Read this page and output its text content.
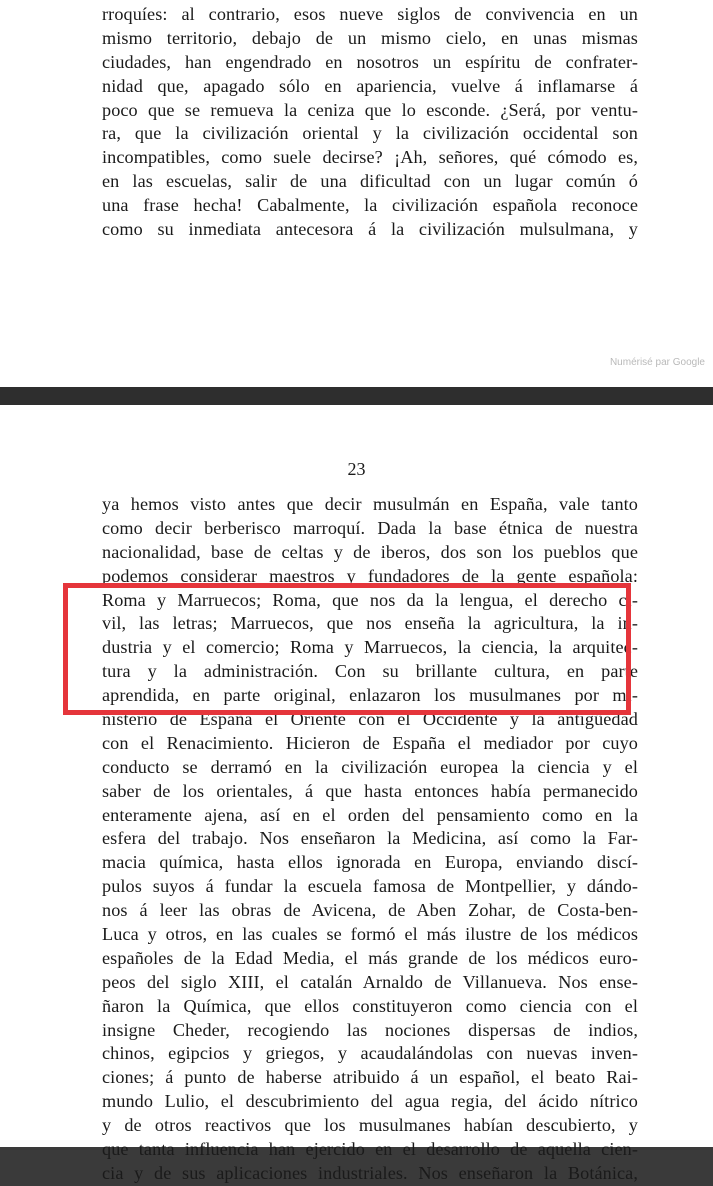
rroquíes: al contrario, esos nueve siglos de convivencia en un
mismo territorio, debajo de un mismo cielo, en unas mismas
ciudades, han engendrado en nosotros un espíritu de confrater-
nidad que, apagado sólo en apariencia, vuelve á inflamarse á
poco que se remueva la ceniza que lo esconde. ¿Será, por ventu-
ra, que la civilización oriental y la civilización occidental son
incompatibles, como suele decirse? ¡Ah, señores, qué cómodo es,
en las escuelas, salir de una dificultad con un lugar común ó
una frase hecha! Cabalmente, la civilización española reconoce
como su inmediata antecesora á la civilización mulsulmana, y
Numérisé par Google
23
ya hemos visto antes que decir musulmán en España, vale tanto
como decir berberisco marroquí. Dada la base étnica de nuestra
nacionalidad, base de celtas y de iberos, dos son los pueblos que
podemos considerar maestros y fundadores de la gente española:
Roma y Marruecos; Roma, que nos da la lengua, el derecho ci-
vil, las letras; Marruecos, que nos enseña la agricultura, la in-
dustria y el comercio; Roma y Marruecos, la ciencia, la arquitec-
tura y la administración. Con su brillante cultura, en parte
aprendida, en parte original, enlazaron los musulmanes por mi-
nisterio de España el Oriente con el Occidente y la antigüedad
con el Renacimiento. Hicieron de España el mediador por cuyo
conducto se derramó en la civilización europea la ciencia y el
saber de los orientales, á que hasta entonces había permanecido
enteramente ajena, así en el orden del pensamiento como en la
esfera del trabajo. Nos enseñaron la Medicina, así como la Far-
macia química, hasta ellos ignorada en Europa, enviando discí-
pulos suyos á fundar la escuela famosa de Montpellier, y dándo-
nos á leer las obras de Avicena, de Aben Zohar, de Costa-ben-
Luca y otros, en las cuales se formó el más ilustre de los médicos
españoles de la Edad Media, el más grande de los médicos euro-
peos del siglo XIII, el catalán Arnaldo de Villanueva. Nos ense-
ñaron la Química, que ellos constituyeron como ciencia con el
insigne Cheder, recogiendo las nociones dispersas de indios,
chinos, egipcios y griegos, y acaudalándolas con nuevas inven-
ciones; á punto de haberse atribuido á un español, el beato Rai-
mundo Lulio, el descubrimiento del agua regia, del ácido nítrico
y de otros reactivos que los musulmanes habían descubierto, y
que tanta influencia han ejercido en el desarrollo de aquella cien-
cia y de sus aplicaciones industriales. Nos enseñaron la Botánica,
